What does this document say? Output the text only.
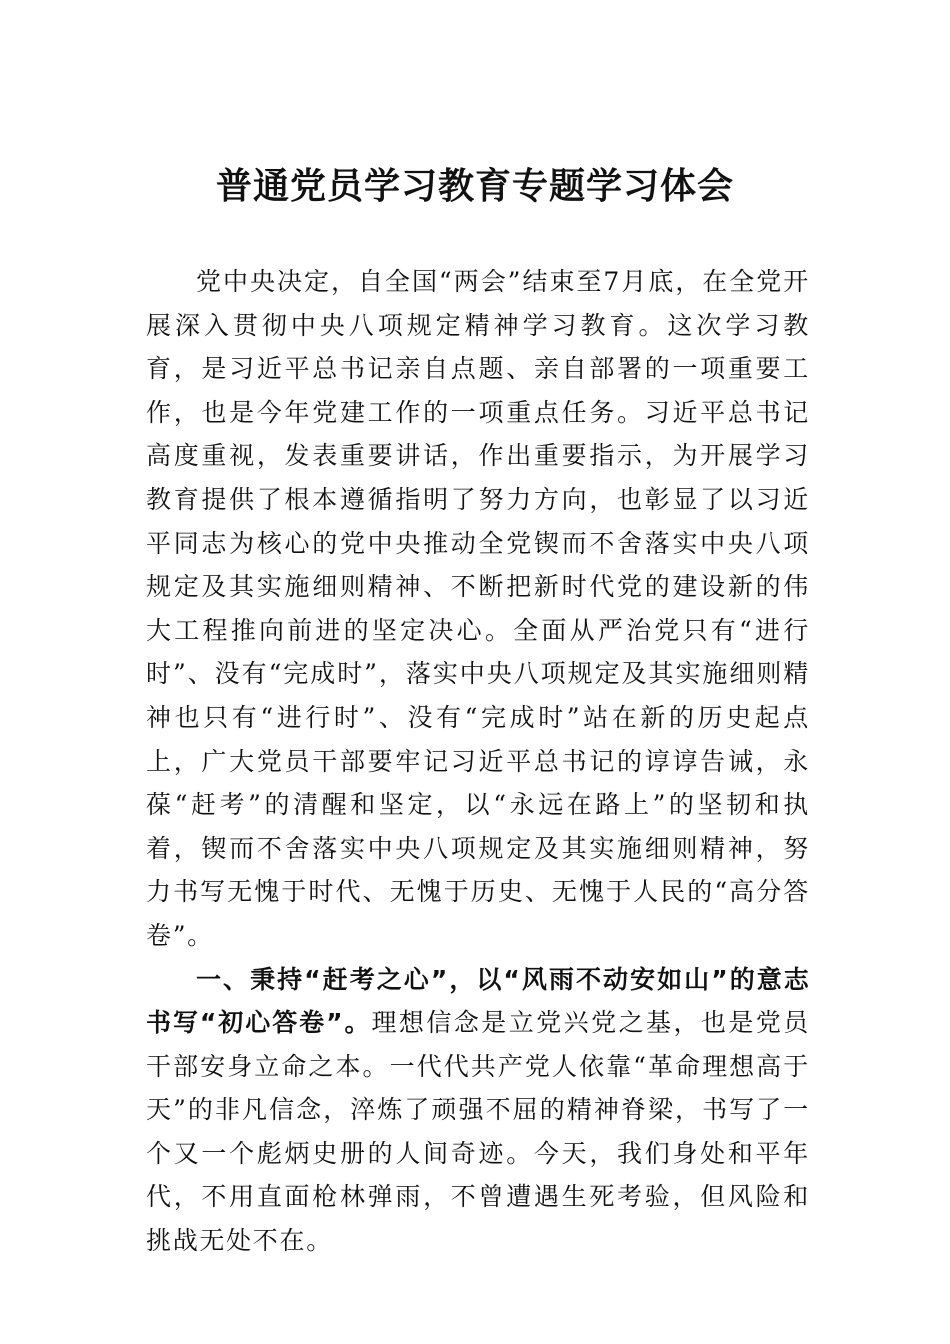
普通党员学习教育专题学习体会

党中央决定，自全国“两会”结束至7月底，在全党开展深入贯彻中央八项规定精神学习教育。这次学习教育，是习近平总书记亲自点题、亲自部署的一项重要工作，也是今年党建工作的一项重点任务。习近平总书记高度重视，发表重要讲话，作出重要指示，为开展学习教育提供了根本遵循指明了努力方向，也彰显了以习近平同志为核心的党中央推动全党锲而不舍落实中央八项规定及其实施细则精神、不断把新时代党的建设新的伟大工程推向前进的坚定决心。全面从严治党只有“进行时”、没有“完成时”，落实中央八项规定及其实施细则精神也只有“进行时”、没有“完成时”站在新的历史起点上，广大党员干部要牢记习近平总书记的谆谆告诫，永葆“赶考”的清醒和坚定，以“永远在路上”的坚韧和执着，锲而不舍落实中央八项规定及其实施细则精神，努力书写无愧于时代、无愧于历史、无愧于人民的“高分答卷”。

一、秉持“赶考之心”，以“风雨不动安如山”的意志书写“初心答卷”。理想信念是立党兴党之基，也是党员干部安身立命之本。一代代共产党人依靠“革命理想高于天”的非凡信念，淬炼了顽强不屈的精神脊梁，书写了一个又一个彪炳史册的人间奇迹。今天，我们身处和平年代，不用直面枪林弹雨，不曾遭遇生死考验，但风险和挑战无处不在。
